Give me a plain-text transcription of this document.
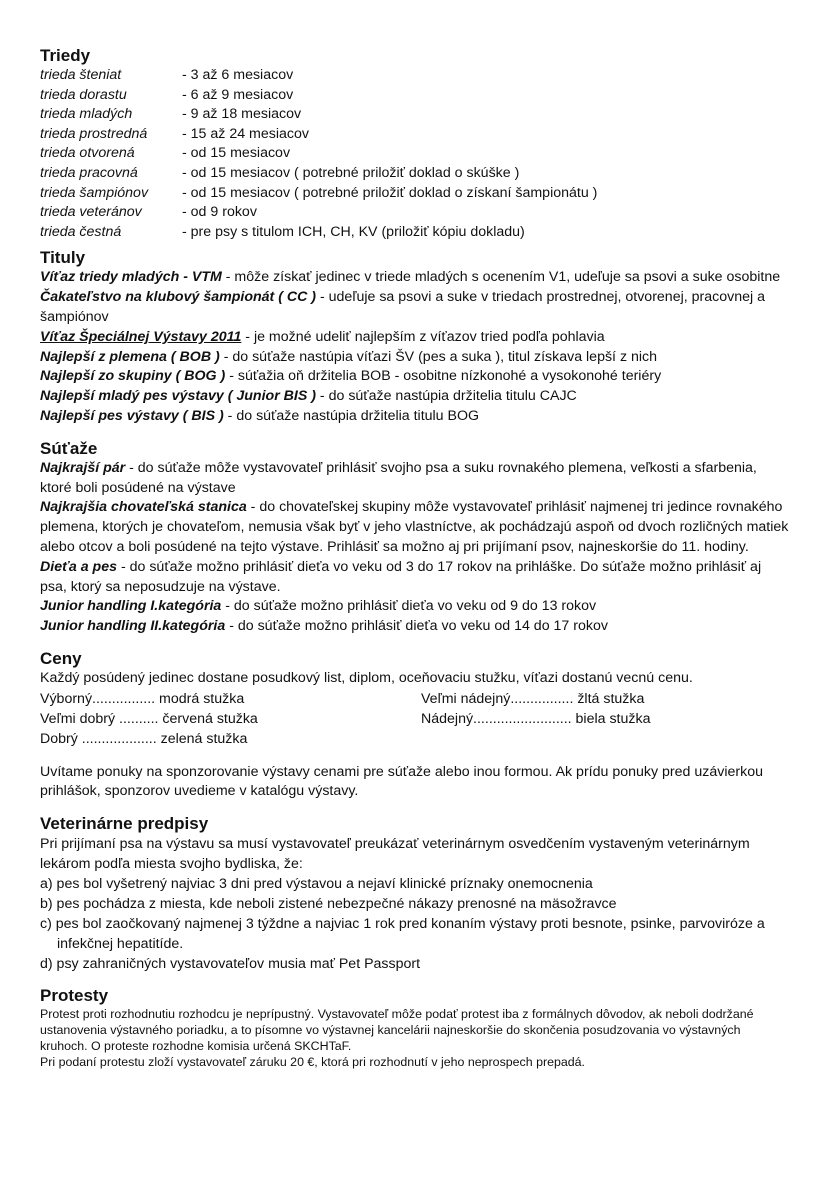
Triedy
trieda šteniat	- 3 až 6 mesiacov
trieda dorastu	- 6 až 9 mesiacov
trieda mladých	- 9 až 18 mesiacov
trieda prostredná	- 15 až 24 mesiacov
trieda otvorená	- od 15 mesiacov
trieda pracovná	- od 15 mesiacov ( potrebné priložiť doklad o skúške )
trieda šampiónov	- od 15 mesiacov ( potrebné priložiť doklad o získaní šampionátu )
trieda veteránov	- od 9 rokov
trieda čestná	- pre psy s titulom ICH, CH, KV (priložiť kópiu dokladu)
Tituly

Víťaz triedy mladých - VTM - môže získať jedinec v triede mladých s ocenením V1, udeľuje sa psovi a suke osobitne

Čakateľstvo na klubový šampionát ( CC ) - udeľuje sa psovi a suke v triedach prostrednej, otvorenej, pracovnej a šampiónov

Víťaz Špeciálnej Výstavy 2011 - je možné udeliť najlepším z víťazov tried podľa pohlavia

Najlepší z plemena ( BOB ) - do súťaže nastúpia víťazi ŠV (pes a suka ), titul získava lepší z nich

Najlepší zo skupiny ( BOG ) - súťažia oň držitelia BOB - osobitne nízkonohé a vysokonohé teriéry

Najlepší mladý pes výstavy ( Junior BIS ) - do súťaže nastúpia držitelia titulu CAJC

Najlepší pes výstavy ( BIS ) - do súťaže nastúpia držitelia titulu BOG

Súťaže

Najkrajší pár - do súťaže môže vystavovateľ prihlásiť svojho psa a suku rovnakého plemena, veľkosti a sfarbenia, ktoré boli posúdené na výstave

Najkrajšia chovateľská stanica - do chovateľskej skupiny môže vystavovateľ prihlásiť najmenej tri jedince rovnakého plemena, ktorých je chovateľom, nemusia však byť v jeho vlastníctve, ak pochádzajú aspoň od dvoch rozličných matiek alebo otcov a boli posúdené na tejto výstave. Prihlásiť sa možno aj pri prijímaní psov, najneskoršie do 11. hodiny.

Dieťa a pes - do súťaže možno prihlásiť dieťa vo veku od 3 do 17 rokov na prihláške. Do súťaže možno prihlásiť aj psa, ktorý sa neposudzuje na výstave.

Junior handling I.kategória - do súťaže možno prihlásiť dieťa vo veku od 9 do 13 rokov

Junior handling II.kategória - do súťaže možno prihlásiť dieťa vo veku od 14 do 17 rokov

Ceny

Každý posúdený jedinec dostane posudkový list, diplom, oceňovaciu stužku, víťazi dostanú vecnú cenu.

Výborný................ modrá stužka	Veľmi nádejný................ žltá stužka
Veľmi dobrý .......... červená stužka	Nádejný......................... biela stužka
Dobrý ................... zelená stužka

Uvítame ponuky na sponzorovanie výstavy cenami pre súťaže alebo inou formou. Ak prídu ponuky pred uzávierkou prihlášok, sponzorov uvedieme v katalógu výstavy.

Veterinárne predpisy
Pri prijímaní psa na výstavu sa musí vystavovateľ preukázať veterinárnym osvedčením vystaveným veterinárnym lekárom podľa miesta svojho bydliska, že:
a) pes bol vyšetrený najviac 3 dni pred výstavou a nejaví klinické príznaky onemocnenia
b) pes pochádza z miesta, kde neboli zistené nebezpečné nákazy prenosné na mäsožravce
c) pes bol zaočkovaný najmenej 3 týždne a najviac 1 rok pred konaním výstavy proti besnote, psinke, parvoviróze a infekčnej hepatitíde.
d) psy zahraničných vystavovateľov musia mať Pet Passport
Protesty

Protest proti rozhodnutiu rozhodcu je neprípustný. Vystavovateľ môže podať protest iba z formálnych dôvodov, ak neboli dodržané ustanovenia výstavného poriadku, a to písomne vo výstavnej kancelárii najneskoršie do skončenia posudzovania vo výstavných kruhoch. O proteste rozhodne komisia určená SKCHTaF.

Pri podaní protestu zloží vystavovateľ záruku 20 €, ktorá pri rozhodnutí v jeho neprospech prepadá.
